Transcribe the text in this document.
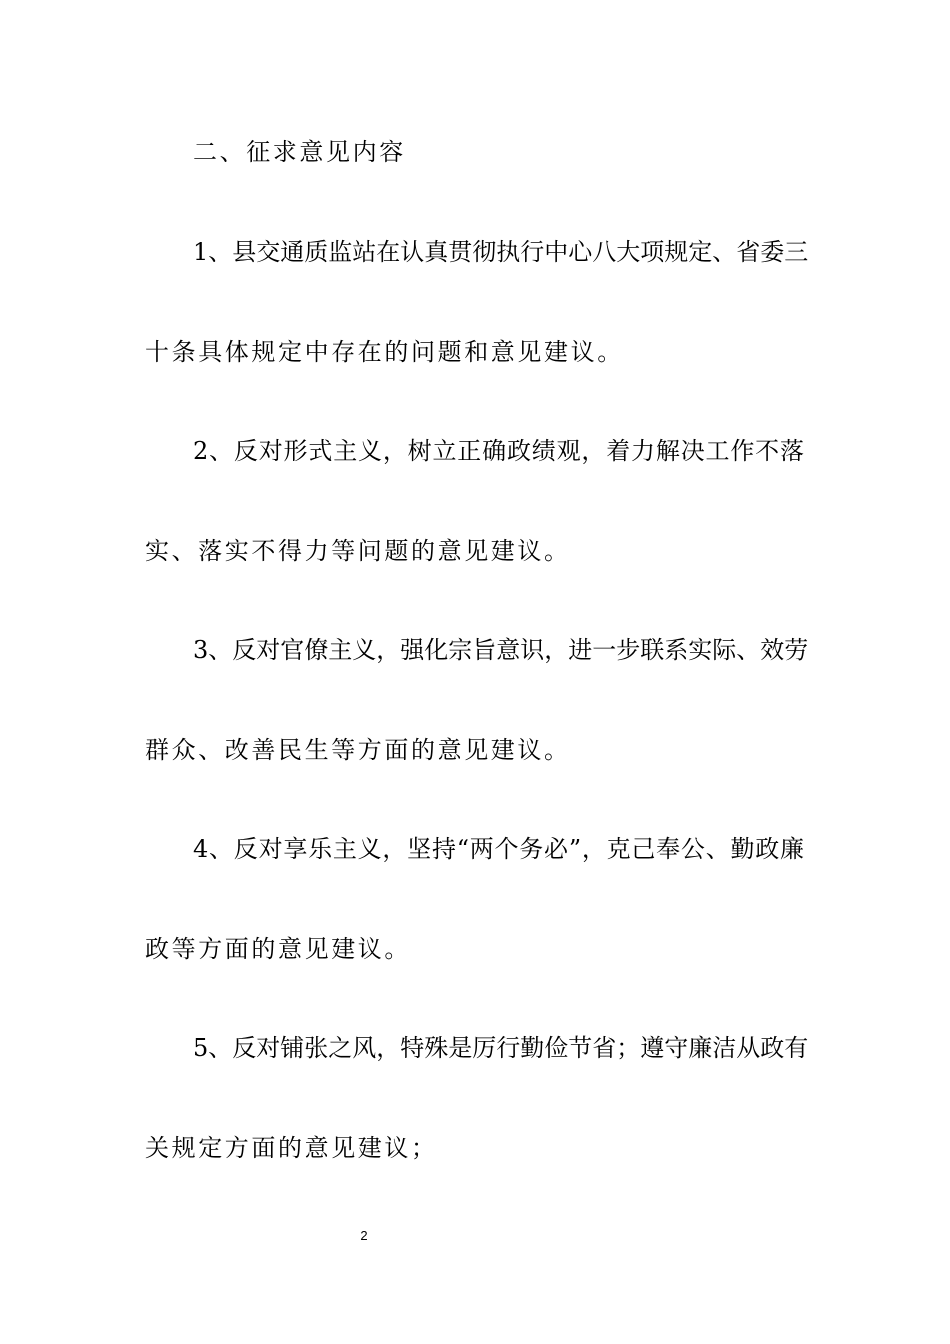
二、征求意见内容
1、县交通质监站在认真贯彻执行中心八大项规定、省委三
十条具体规定中存在的问题和意见建议。
2、反对形式主义，树立正确政绩观，着力解决工作不落
实、落实不得力等问题的意见建议。
3、反对官僚主义，强化宗旨意识，进一步联系实际、效劳
群众、改善民生等方面的意见建议。
4、反对享乐主义，坚持“两个务必”，克己奉公、勤政廉
政等方面的意见建议。
5、反对铺张之风，特殊是厉行勤俭节省；遵守廉洁从政有
关规定方面的意见建议；
2
